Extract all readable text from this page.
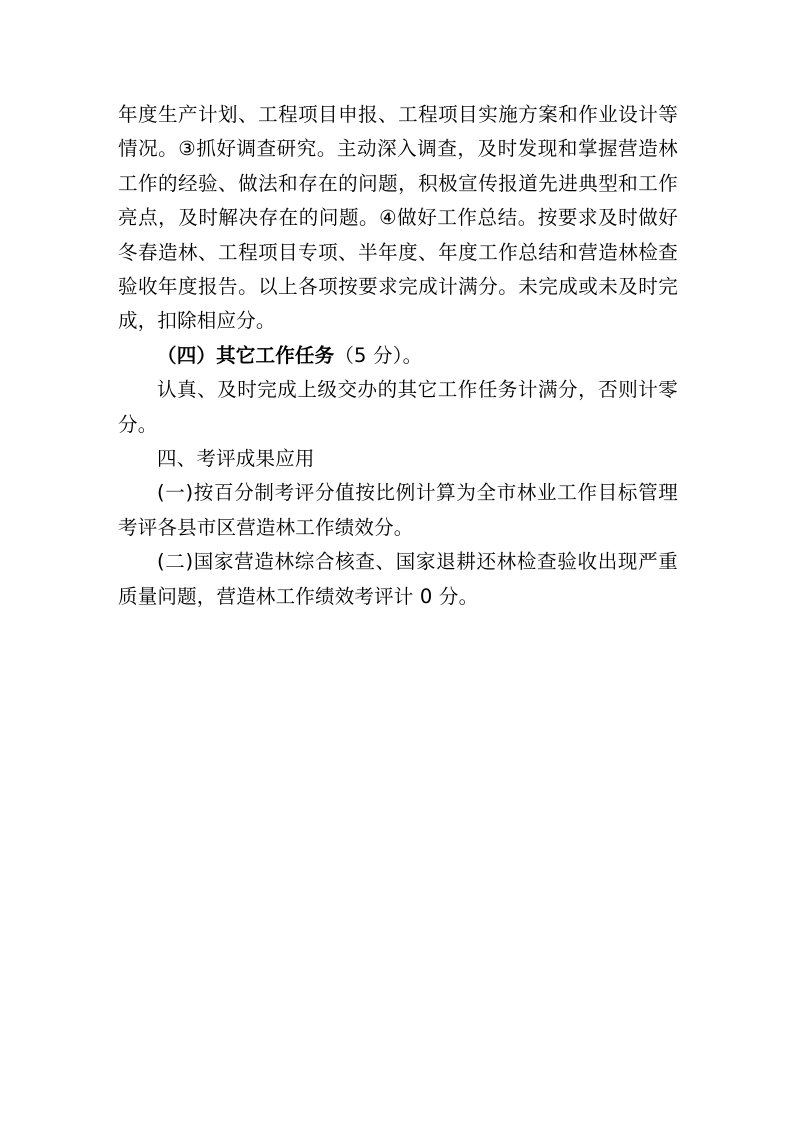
年度生产计划、工程项目申报、工程项目实施方案和作业设计等情况。③抓好调查研究。主动深入调查，及时发现和掌握营造林工作的经验、做法和存在的问题，积极宣传报道先进典型和工作亮点，及时解决存在的问题。④做好工作总结。按要求及时做好冬春造林、工程项目专项、半年度、年度工作总结和营造林检查验收年度报告。以上各项按要求完成计满分。未完成或未及时完成，扣除相应分。

（四）其它工作任务（5 分）。

认真、及时完成上级交办的其它工作任务计满分，否则计零分。

四、考评成果应用

(一)按百分制考评分值按比例计算为全市林业工作目标管理考评各县市区营造林工作绩效分。

(二)国家营造林综合核查、国家退耕还林检查验收出现严重质量问题，营造林工作绩效考评计 0 分。
